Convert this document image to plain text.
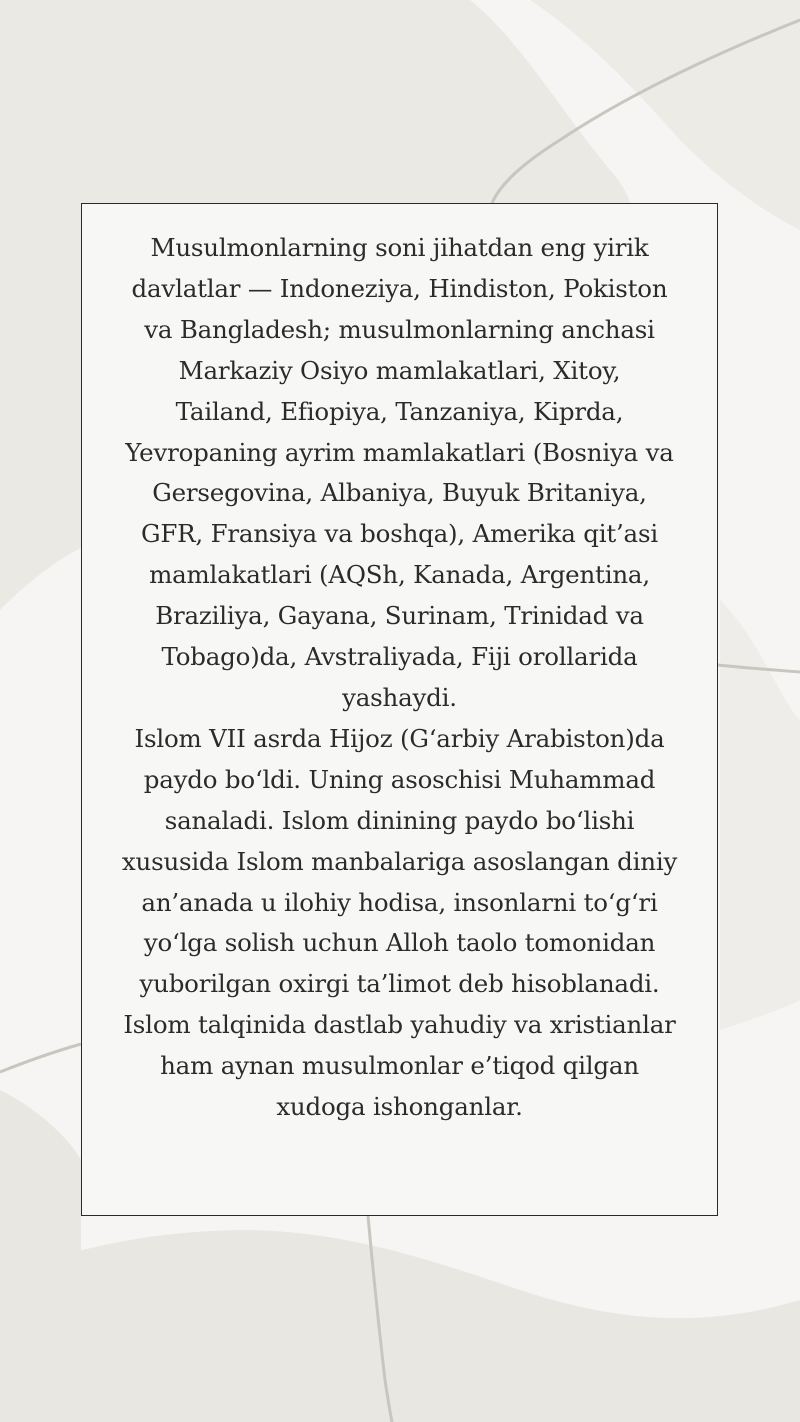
Musulmonlarning soni jihatdan eng yirik
davlatlar — Indoneziya, Hindiston, Pokiston
va Bangladesh; musulmonlarning anchasi
Markaziy Osiyo mamlakatlari, Xitoy,
Tailand, Efiopiya, Tanzaniya, Kiprda,
Yevropaning ayrim mamlakatlari (Bosniya va
Gersegovina, Albaniya, Buyuk Britaniya,
GFR, Fransiya va boshqa), Amerika qit’asi
mamlakatlari (AQSh, Kanada, Argentina,
Braziliya, Gayana, Surinam, Trinidad va
Tobago)da, Avstraliyada, Fiji orollarida
yashaydi.
Islom VII asrda Hijoz (Gʻarbiy Arabiston)da
paydo boʻldi. Uning asoschisi Muhammad
sanaladi. Islom dinining paydo boʻlishi
xususida Islom manbalariga asoslangan diniy
an’anada u ilohiy hodisa, insonlarni toʻgʻri
yoʻlga solish uchun Alloh taolo tomonidan
yuborilgan oxirgi ta’limot deb hisoblanadi.
Islom talqinida dastlab yahudiy va xristianlar
ham aynan musulmonlar e’tiqod qilgan
xudoga ishonganlar.
